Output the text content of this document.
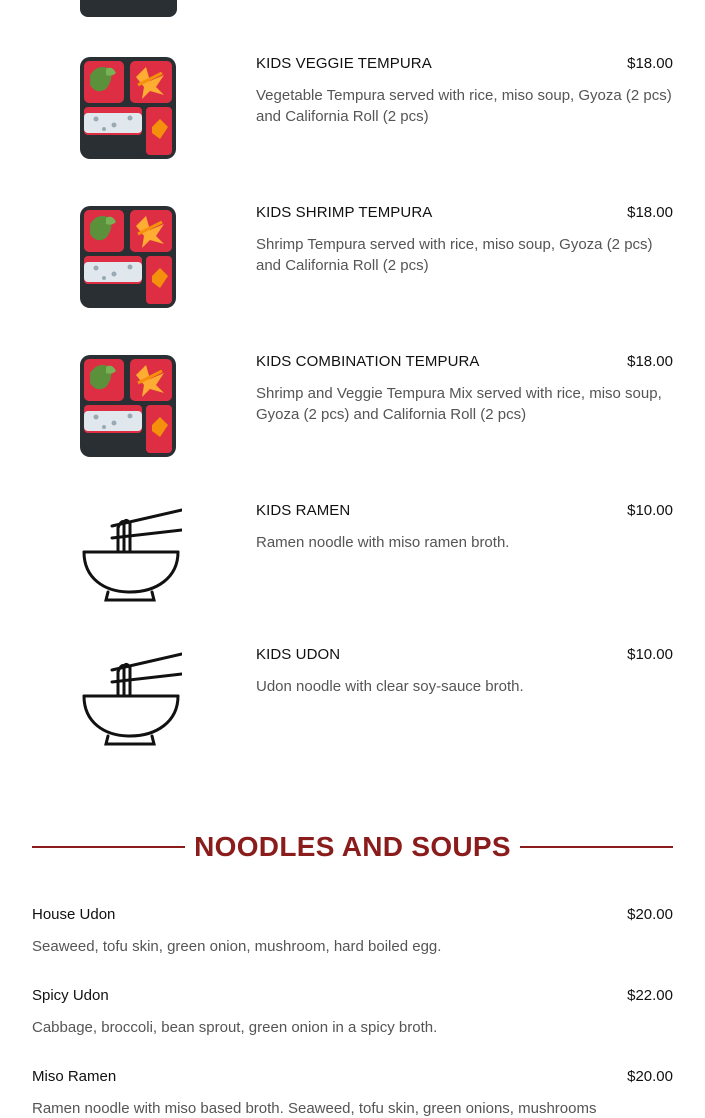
KIDS VEGGIE TEMPURA	$18.00
Vegetable Tempura served with rice, miso soup, Gyoza (2 pcs) and California Roll (2 pcs)
KIDS SHRIMP TEMPURA	$18.00
Shrimp Tempura served with rice, miso soup, Gyoza (2 pcs) and California Roll (2 pcs)
KIDS COMBINATION TEMPURA	$18.00
Shrimp and Veggie Tempura Mix served with rice, miso soup, Gyoza (2 pcs) and California Roll (2 pcs)
KIDS RAMEN	$10.00
Ramen noodle with miso ramen broth.
KIDS UDON	$10.00
Udon noodle with clear soy-sauce broth.
NOODLES AND SOUPS
House Udon	$20.00
Seaweed, tofu skin, green onion, mushroom, hard boiled egg.
Spicy Udon	$22.00
Cabbage, broccoli, bean sprout, green onion in a spicy broth.
Miso Ramen	$20.00
Ramen noodle with miso based broth. Seaweed, tofu skin, green onions, mushrooms
